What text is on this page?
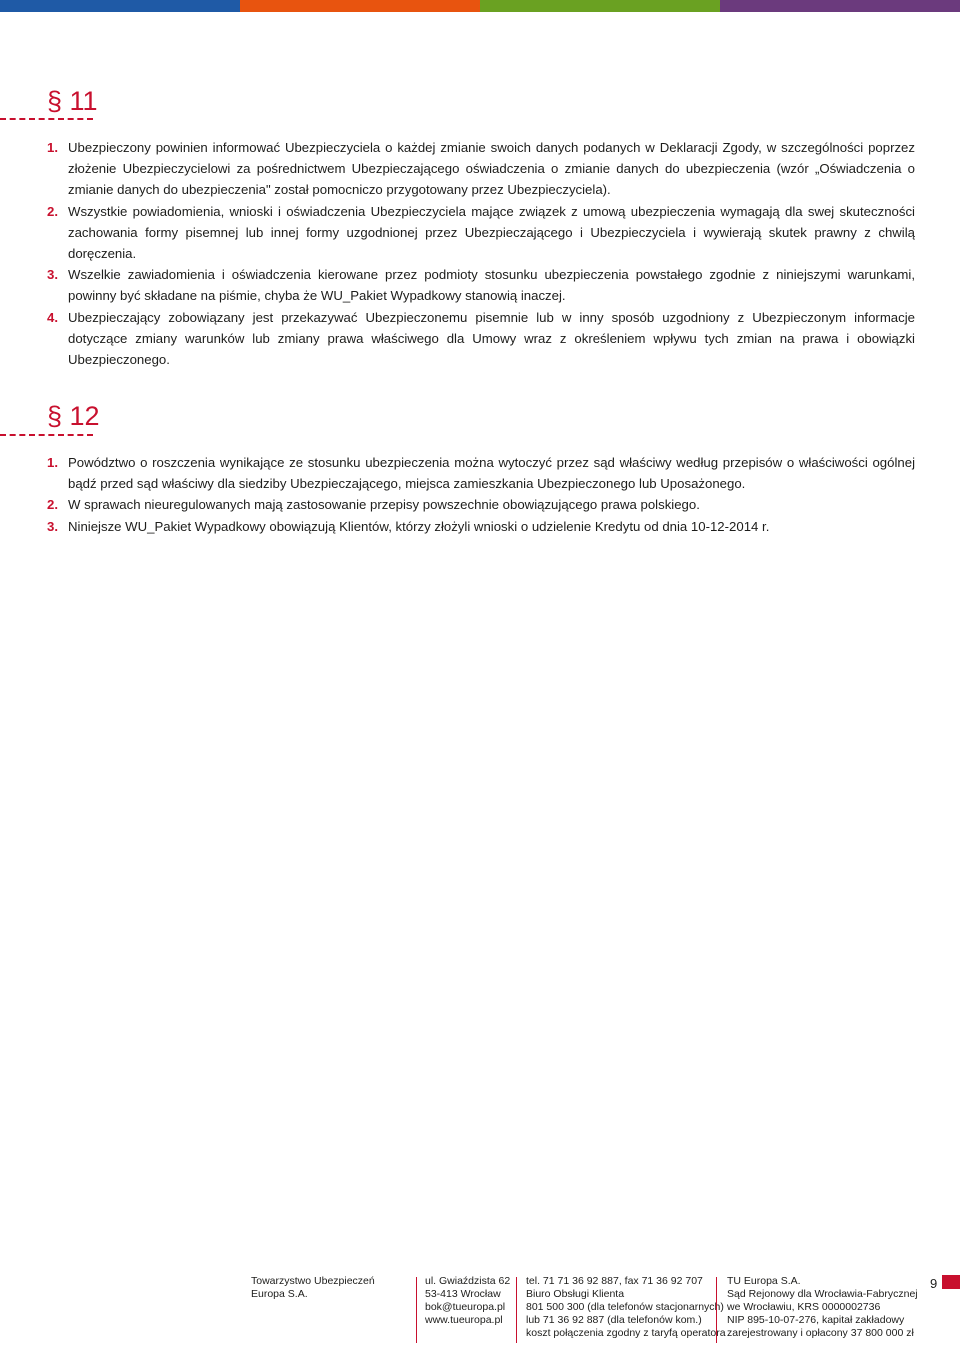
§ 11
1. Ubezpieczony powinien informować Ubezpieczyciela o każdej zmianie swoich danych podanych w Deklaracji Zgody, w szczególności poprzez złożenie Ubezpieczycielowi za pośrednictwem Ubezpieczającego oświadczenia o zmianie danych do ubezpieczenia (wzór „Oświadczenia o zmianie danych do ubezpieczenia" został pomocniczo przygotowany przez Ubezpieczyciela).
2. Wszystkie powiadomienia, wnioski i oświadczenia Ubezpieczyciela mające związek z umową ubezpieczenia wymagają dla swej skuteczności zachowania formy pisemnej lub innej formy uzgodnionej przez Ubezpieczającego i Ubezpieczyciela i wywierają skutek prawny z chwilą doręczenia.
3. Wszelkie zawiadomienia i oświadczenia kierowane przez podmioty stosunku ubezpieczenia powstałego zgodnie z niniejszymi warunkami, powinny być składane na piśmie, chyba że WU_Pakiet Wypadkowy stanowią inaczej.
4. Ubezpieczający zobowiązany jest przekazywać Ubezpieczonemu pisemnie lub w inny sposób uzgodniony z Ubezpieczonym informacje dotyczące zmiany warunków lub zmiany prawa właściwego dla Umowy wraz z określeniem wpływu tych zmian na prawa i obowiązki Ubezpieczonego.
§ 12
1. Powództwo o roszczenia wynikające ze stosunku ubezpieczenia można wytoczyć przez sąd właściwy według przepisów o właściwości ogólnej bądź przed sąd właściwy dla siedziby Ubezpieczającego, miejsca zamieszkania Ubezpieczonego lub Uposażonego.
2. W sprawach nieuregulowanych mają zastosowanie przepisy powszechnie obowiązującego prawa polskiego.
3. Niniejsze WU_Pakiet Wypadkowy obowiązują Klientów, którzy złożyli wnioski o udzielenie Kredytu od dnia 10-12-2014 r.
Towarzystwo Ubezpieczeń
Europa S.A.
ul. Gwiaździsta 62
53-413 Wrocław
bok@tueuropa.pl
www.tueuropa.pl
tel. 71 71 36 92 887, fax 71 36 92 707
Biuro Obsługi Klienta
801 500 300 (dla telefonów stacjonarnych)
lub 71 36 92 887 (dla telefonów kom.)
koszt połączenia zgodny z taryfą operatora
TU Europa S.A.
Sąd Rejonowy dla Wrocławia-Fabrycznej
we Wrocławiu, KRS 0000002736
NIP 895-10-07-276, kapitał zakładowy
zarejestrowany i opłacony 37 800 000 zł
9
